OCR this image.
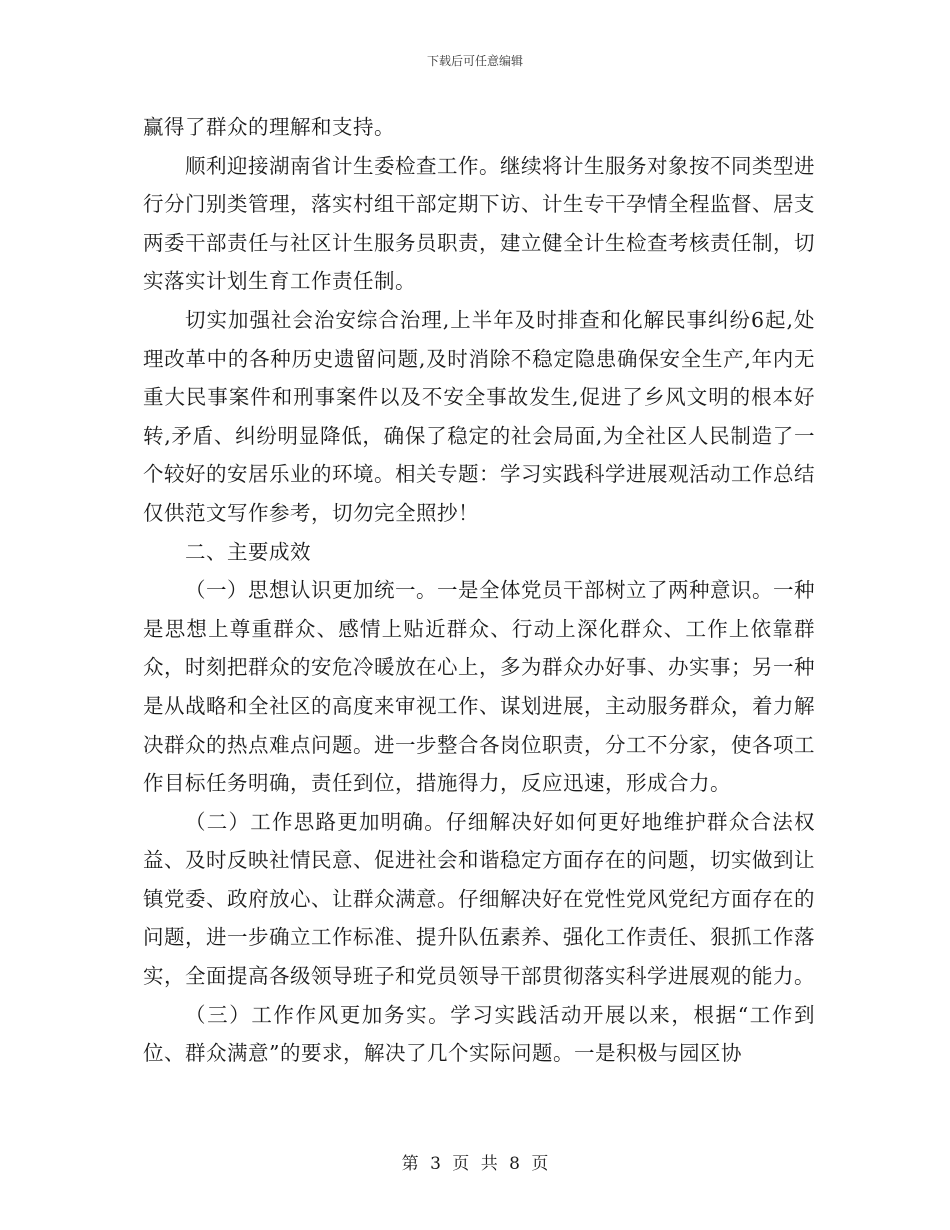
下载后可任意编辑

赢得了群众的理解和支持。

顺利迎接湖南省计生委检查工作。继续将计生服务对象按不同类型进行分门别类管理，落实村组干部定期下访、计生专干孕情全程监督、居支两委干部责任与社区计生服务员职责，建立健全计生检查考核责任制，切实落实计划生育工作责任制。

切实加强社会治安综合治理,上半年及时排查和化解民事纠纷6起,处理改革中的各种历史遗留问题,及时消除不稳定隐患确保安全生产,年内无重大民事案件和刑事案件以及不安全事故发生,促进了乡风文明的根本好转,矛盾、纠纷明显降低，确保了稳定的社会局面,为全社区人民制造了一个较好的安居乐业的环境。相关专题：学习实践科学进展观活动工作总结仅供范文写作参考，切勿完全照抄！

二、主要成效

（一）思想认识更加统一。一是全体党员干部树立了两种意识。一种是思想上尊重群众、感情上贴近群众、行动上深化群众、工作上依靠群众，时刻把群众的安危冷暖放在心上，多为群众办好事、办实事；另一种是从战略和全社区的高度来审视工作、谋划进展，主动服务群众，着力解决群众的热点难点问题。进一步整合各岗位职责，分工不分家，使各项工作目标任务明确，责任到位，措施得力，反应迅速，形成合力。

（二）工作思路更加明确。仔细解决好如何更好地维护群众合法权益、及时反映社情民意、促进社会和谐稳定方面存在的问题，切实做到让镇党委、政府放心、让群众满意。仔细解决好在党性党风党纪方面存在的问题，进一步确立工作标准、提升队伍素养、强化工作责任、狠抓工作落实，全面提高各级领导班子和党员领导干部贯彻落实科学进展观的能力。

（三）工作作风更加务实。学习实践活动开展以来，根据“工作到位、群众满意”的要求，解决了几个实际问题。一是积极与园区协

第 3 页 共 8 页
